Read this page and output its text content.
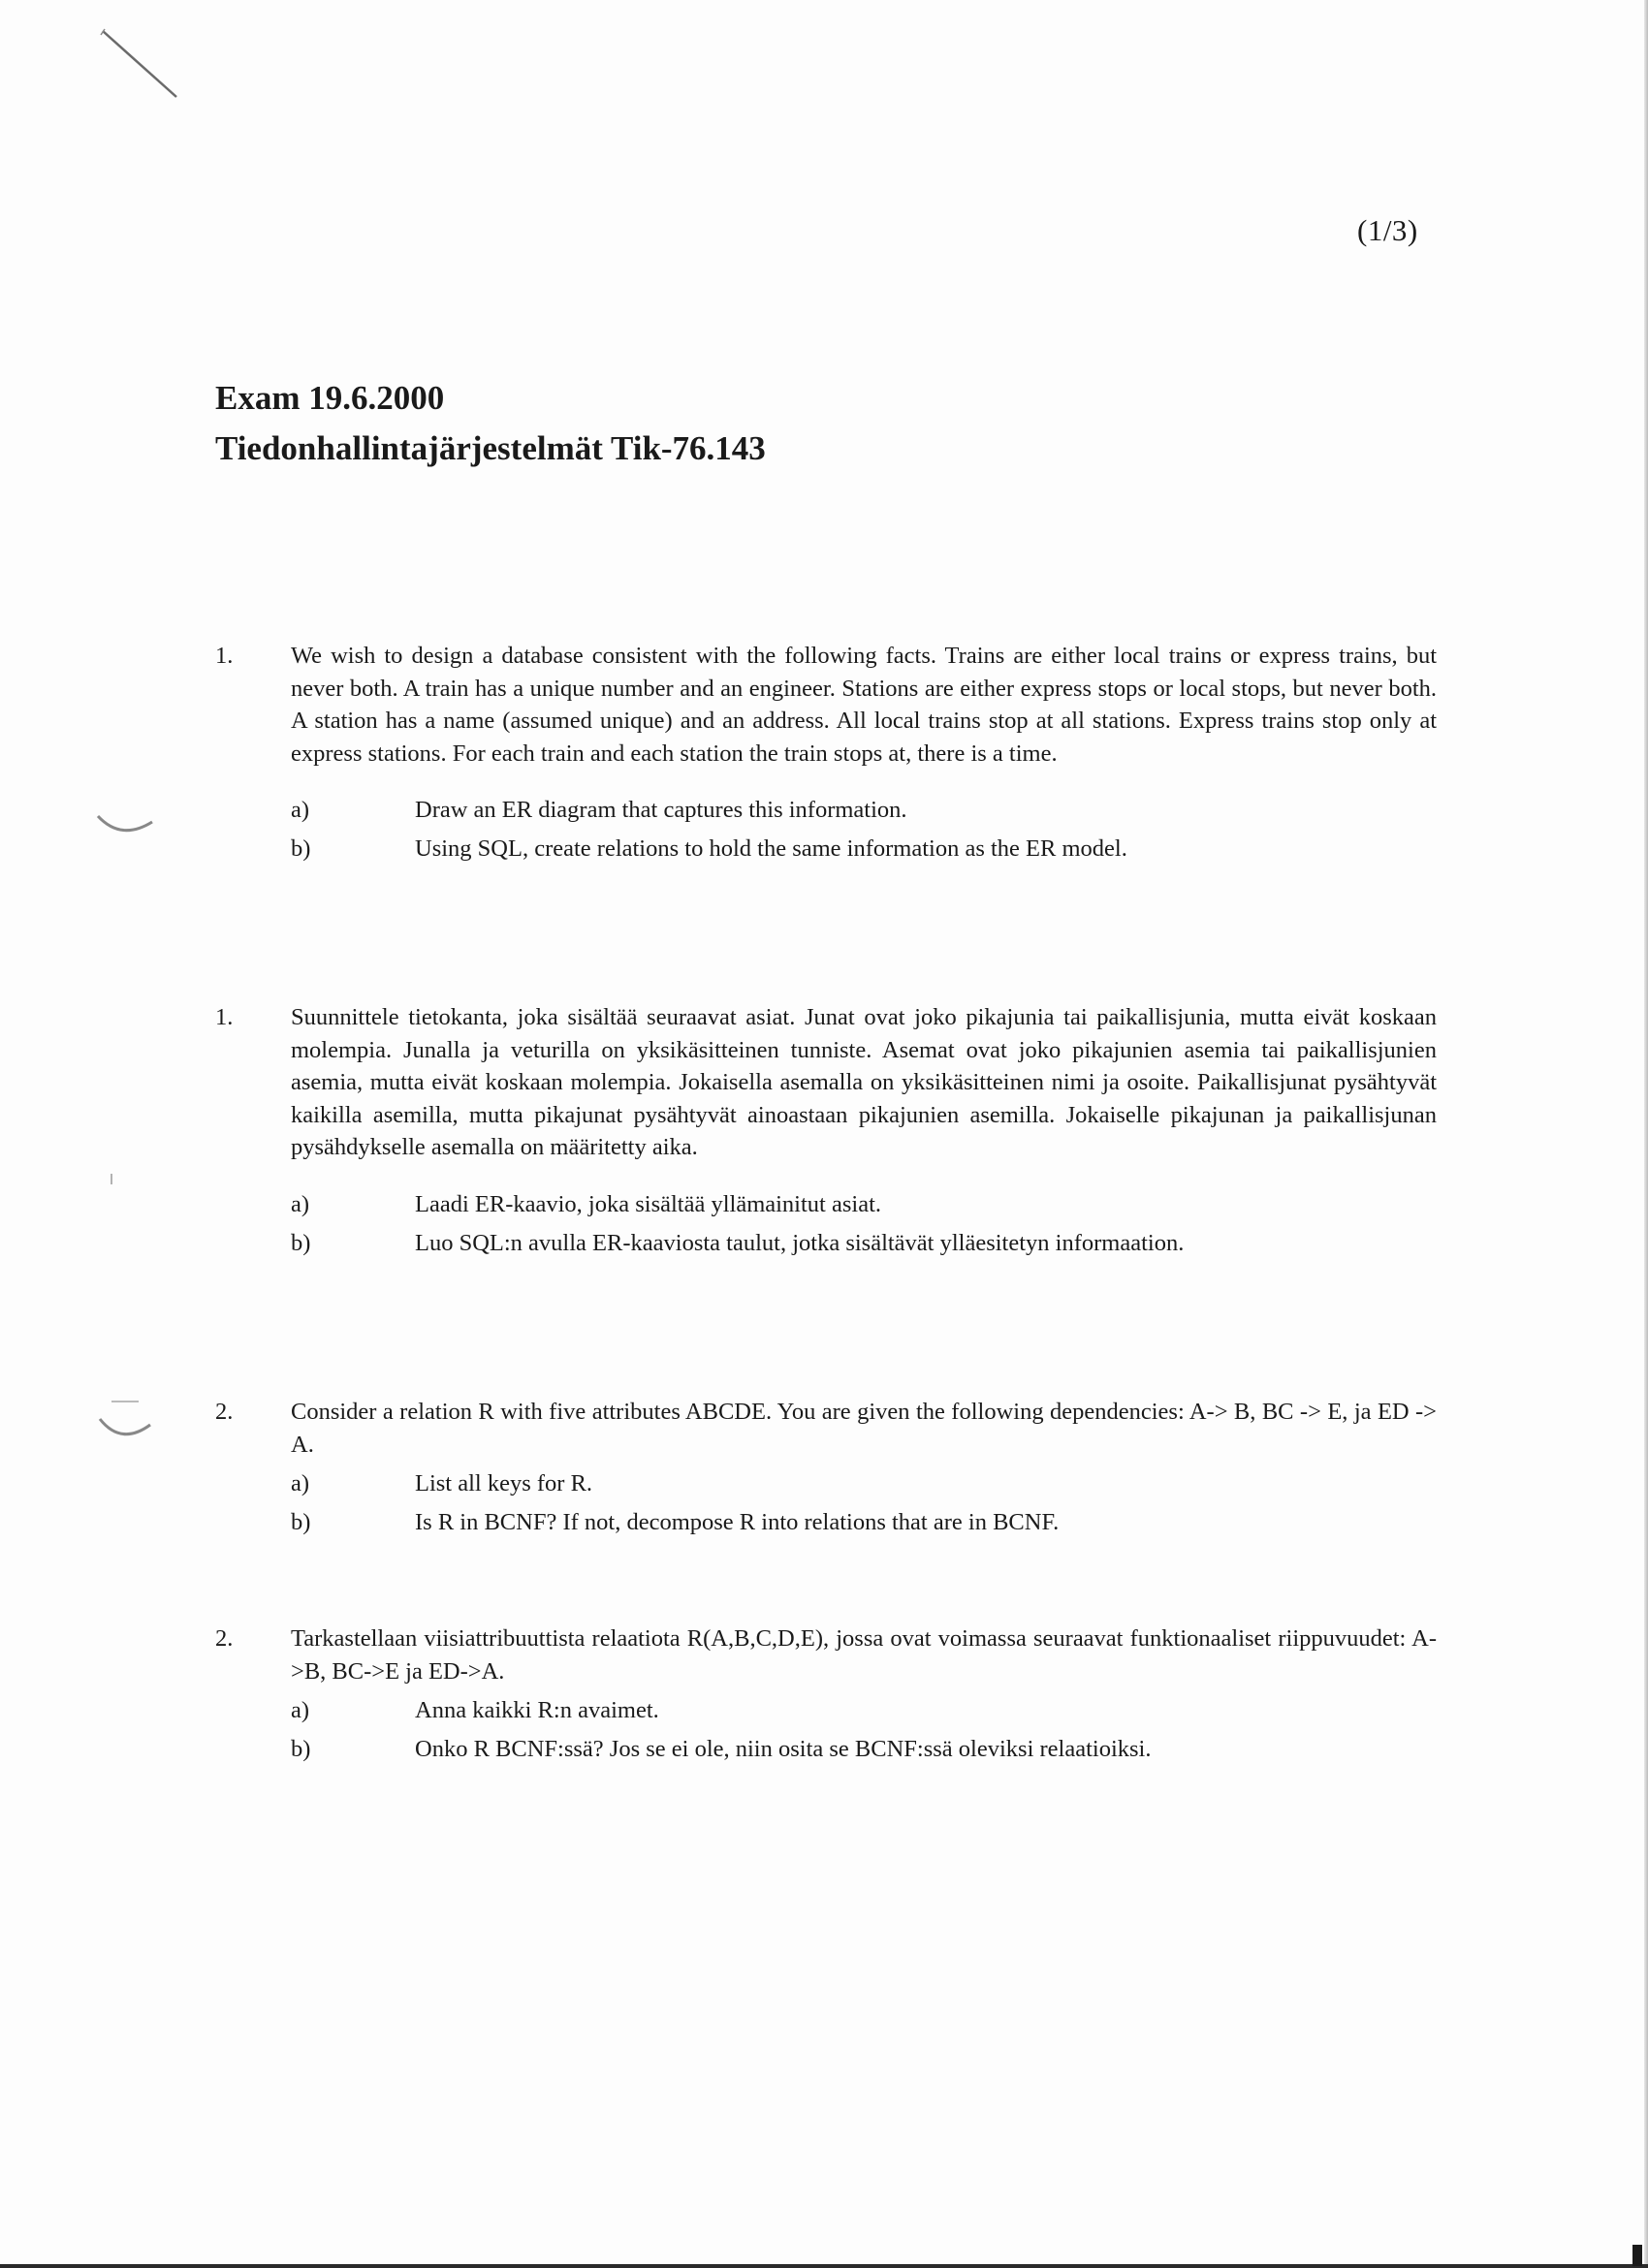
(1/3)
Exam 19.6.2000
Tiedonhallintajärjestelmät Tik-76.143
1. We wish to design a database consistent with the following facts. Trains are either local trains or express trains, but never both. A train has a unique number and an engineer. Stations are either express stops or local stops, but never both. A station has a name (assumed unique) and an address. All local trains stop at all stations. Express trains stop only at express stations. For each train and each station the train stops at, there is a time.
a)	Draw an ER diagram that captures this information.
b)	Using SQL, create relations to hold the same information as the ER model.
1. Suunnittele tietokanta, joka sisältää seuraavat asiat. Junat ovat joko pikajunia tai paikallisjunia, mutta eivät koskaan molempia. Junalla ja veturilla on yksikäsitteinen tunniste. Asemat ovat joko pikajunien asemia tai paikallisjunien asemia, mutta eivät koskaan molempia. Jokaisella asemalla on yksikäsitteinen nimi ja osoite. Paikallisjunat pysähtyvät kaikilla asemilla, mutta pikajunat pysähtyvät ainoastaan pikajunien asemilla. Jokaiselle pikajunan ja paikallisjunan pysähdykselle asemalla on määritetty aika.
a)	Laadi ER-kaavio, joka sisältää yllämainitut asiat.
b)	Luo SQL:n avulla ER-kaaviosta taulut, jotka sisältävät ylläesitetyn informaation.
2. Consider a relation R with five attributes ABCDE. You are given the following dependencies: A-> B, BC -> E, ja ED -> A.
a)	List all keys for R.
b)	Is R in BCNF? If not, decompose R into relations that are in BCNF.
2. Tarkastellaan viisiattribuuttista relaatiota R(A,B,C,D,E), jossa ovat voimassa seuraavat funktionaaliset riippuvuudet: A->B, BC->E ja ED->A.
a)	Anna kaikki R:n avaimet.
b)	Onko R BCNF:ssä? Jos se ei ole, niin osita se BCNF:ssä oleviksi relaatioiksi.
